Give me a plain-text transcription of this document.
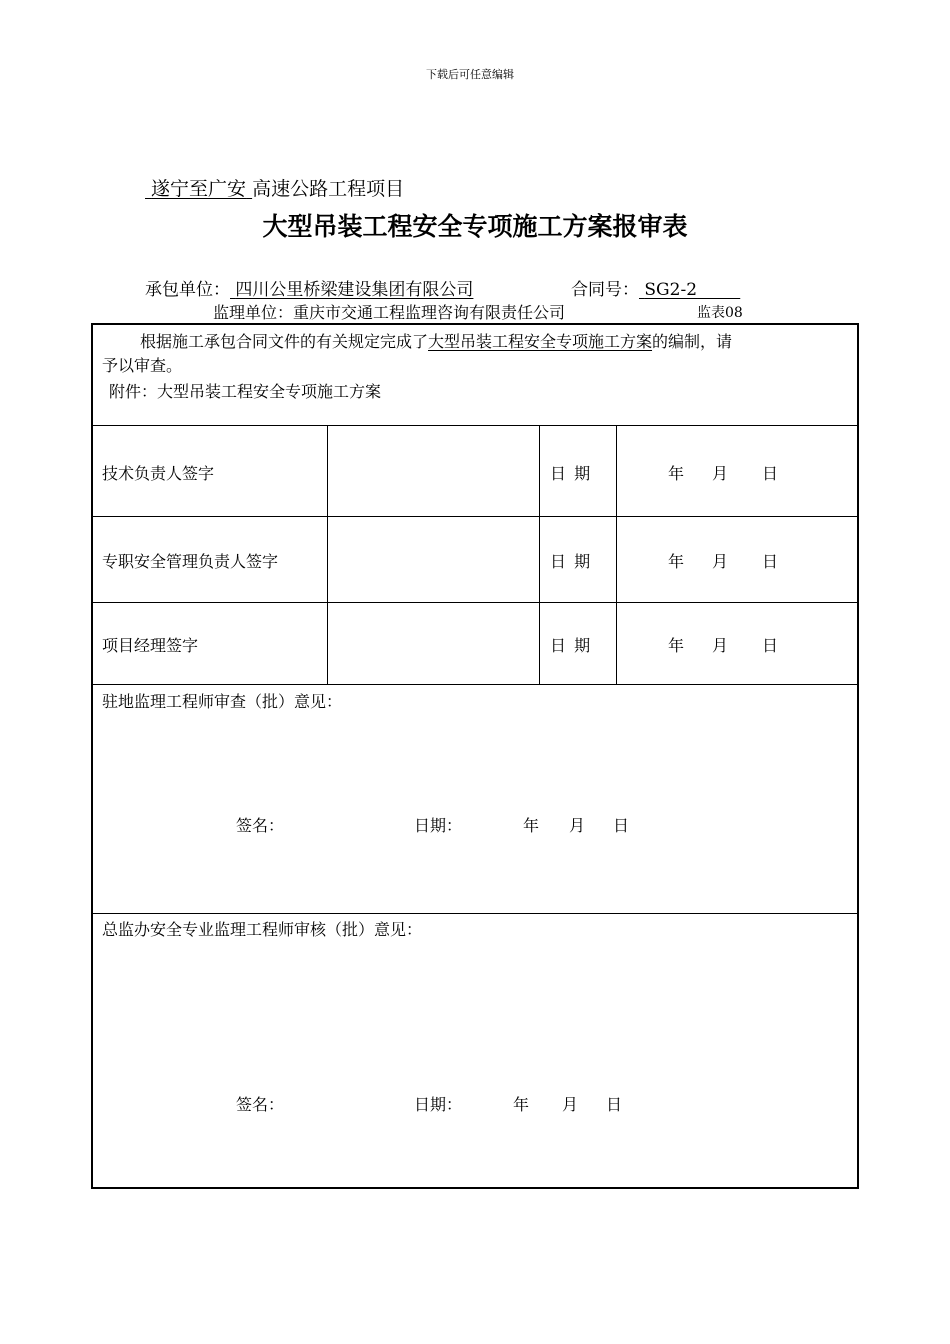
下载后可任意编辑
遂宁至广安 高速公路工程项目
大型吊装工程安全专项施工方案报审表
承包单位： 四川公里桥梁建设集团有限公司	合同号： SG2-2
监理单位：重庆市交通工程监理咨询有限责任公司	监表08
根据施工承包合同文件的有关规定完成了大型吊装工程安全专项施工方案的编制，请
予以审查。
附件：大型吊装工程安全专项施工方案
技术负责人签字	日 期	年 月 日
专职安全管理负责人签字	日 期	年 月 日
项目经理签字	日 期	年 月 日
驻地监理工程师审查（批）意见：
签名：	日期：	年 月 日
总监办安全专业监理工程师审核（批）意见：
签名：	日期：	年 月 日
